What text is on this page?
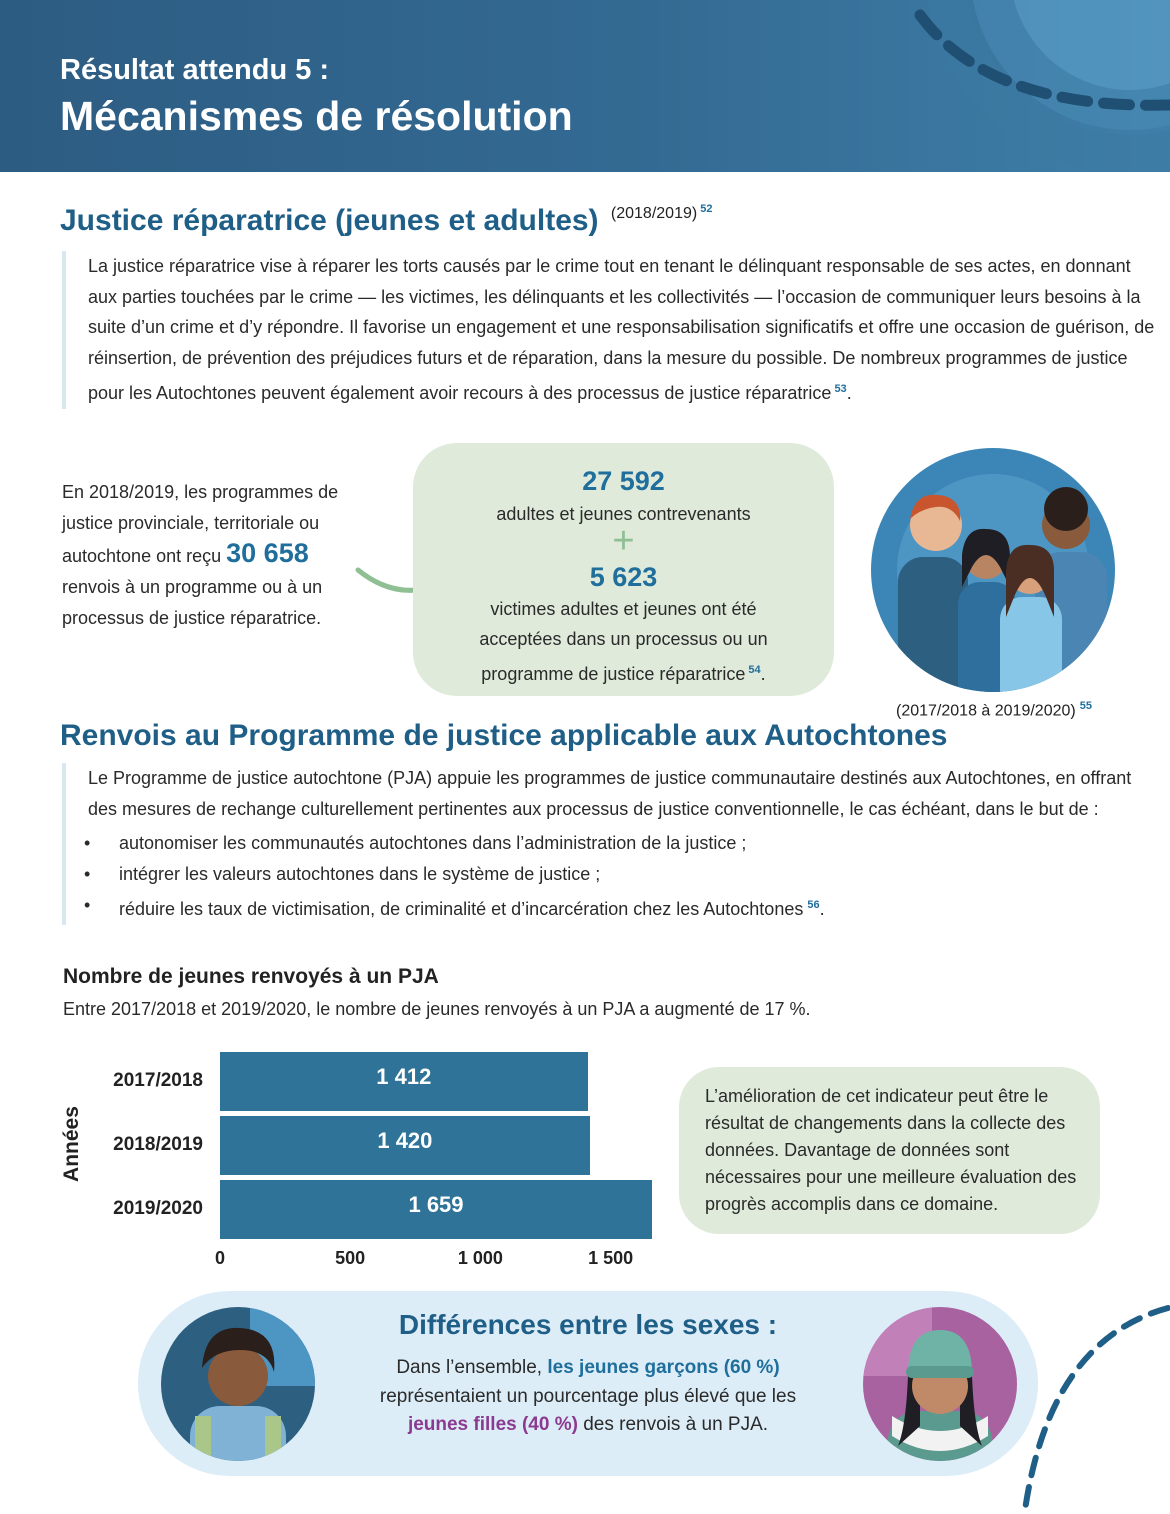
Résultat attendu 5 :
Mécanismes de résolution
Justice réparatrice (jeunes et adultes) $^{(2018/2019)}$ $^{52}$
La justice réparatrice vise à réparer les torts causés par le crime tout en tenant le délinquant responsable de ses actes, en donnant aux parties touchées par le crime — les victimes, les délinquants et les collectivités — l’occasion de communiquer leurs besoins à la suite d’un crime et d’y répondre. Il favorise un engagement et une responsabilisation significatifs et offre une occasion de guérison, de réinsertion, de prévention des préjudices futurs et de réparation, dans la mesure du possible. De nombreux programmes de justice pour les Autochtones peuvent également avoir recours à des processus de justice réparatrice $^{53}$.
En 2018/2019, les programmes de justice provinciale, territoriale ou autochtone ont reçu 30 658 renvois à un programme ou à un processus de justice réparatrice.
27 592
adultes et jeunes contrevenants
+
5 623
victimes adultes et jeunes ont été acceptées dans un processus ou un programme de justice réparatrice $^{54}$.
(2017/2018 à 2019/2020) $^{55}$
Renvois au Programme de justice applicable aux Autochtones
Le Programme de justice autochtone (PJA) appuie les programmes de justice communautaire destinés aux Autochtones, en offrant des mesures de rechange culturellement pertinentes aux processus de justice conventionnelle, le cas échéant, dans le but de :
• autonomiser les communautés autochtones dans l’administration de la justice ;
• intégrer les valeurs autochtones dans le système de justice ;
• réduire les taux de victimisation, de criminalité et d’incarcération chez les Autochtones $^{56}$.
Nombre de jeunes renvoyés à un PJA
Entre 2017/2018 et 2019/2020, le nombre de jeunes renvoyés à un PJA a augmenté de 17 %.
2017/2018	1 412
2018/2019	1 420
2019/2020	1 659
0	500	1 000	1 500
Années
L’amélioration de cet indicateur peut être le résultat de changements dans la collecte des données. Davantage de données sont nécessaires pour une meilleure évaluation des progrès accomplis dans ce domaine.
Différences entre les sexes :
Dans l’ensemble, les jeunes garçons (60 %)
représentaient un pourcentage plus élevé que les
jeunes filles (40 %) des renvois à un PJA.
